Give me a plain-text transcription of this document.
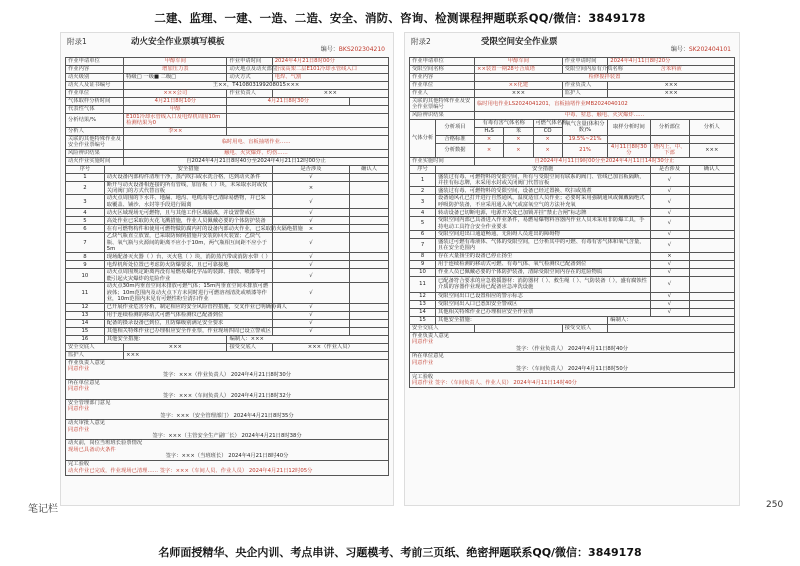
二建、监理、一建、一造、二造、安全、消防、咨询、检测课程押题联系QQ/微信：3849178
附录1	动火安全作业票填写模板
编号：BKS202304210
作业申请单位		甲醇车间	作业申请时间	2024年4月21日8时00分	
作业内容		增加压力表	动火地点及动火部位	合成高架二层E101冷却水管线入口	
动火级别		特级□ 一级■ 二级□	动火方式	电焊、气割	
动火人及证书编号		王××，T410803199208015×××			
作业单位		×××公司	作业负责人	×××	
气体取样分析时间		4月21日8时10分	4月21日8时30分		
代表性气体		甲醇			
分析结果/%		E101冷却水管线入口及电焊机周围10m检测结果为0			
分析人		李××			
关联的其他特殊作业及安全作业票编号		临时用电、盲板抽堵作业……			
风险辨识结果		触电、火灾爆炸、灼伤……			
动火作业实施时间		自2024年4月21日8时40分至2024年4月21日12时00分止			
序号	安全措施			是否涉及	确认人
1	动火设备内部构件清理干净，蒸汽吹扫或水洗合格，达到动火条件			√	
2	断开与动火设备相连接的所有管线，加盲板（ ）块，未采取水封或仅关闭阀门的方式代替盲板			×	
3	动火点周围的下水井、地漏、地沟、电缆沟等已清除易燃物，并已采取覆盖、铺沙、水封等手段进行隔离			√	
4	动火区域现场无可燃物，且与其他工作区域隔离，并设置警戒区			√	
5	高处作业已采取防火花飞溅措施，作业人员佩戴必要的个体防护装备			√	
6	在有可燃物构件和使用可燃物做防腐内衬的设备内部动火作业，已采取防火隔绝措施			×	
7	乙炔气瓶直立放置，已采取防倾倒措施并安装防回火装置；乙炔气瓶、氧气瓶与火源间的距离不应小于10m，两气瓶相互间距不应小于5m			√	
8	现场配备灭火器（ ）台，灭火毯（ ）块，消防蒸汽带或消防水带（ ）			√	
9	电焊机所处位置已考虑防火防爆要求，且已可靠接地			√	
10	动火点周围规定距离内没有易燃易爆化学品的装卸、排放、喷漆等可能引起火灾爆炸的危险作业			√	
11	动火点30m内垂直空间未排放可燃气体；15m内垂直空间未排放可燃液体；10m范围内及动火点下方未同时进行可燃溶剂清洗或喷漆等作业，10m范围内未见有可燃性粉尘清扫作业			√	
12	已开展作业危害分析，制定相应的安全风险管控措施，交叉作业已明确协调人			√	
13	用于连续检测的移动式可燃气体检测仪已配备到位			√	
14	配备的摄录设备已到位，且防爆级别满足安全要求			√	
15	其他相关特殊作业已办理相应安全作业票，作业现场四周已设立警戒区			√	
16	其他安全措施：		编制人：×××		
安全交底人		×××	接受交底人	×××（作业人员）	
监护人		×××			

作业负责人意见
同意作业
签字：×××（作业负责人） 2024年4月21日8时30分					

所在单位意见
同意作业
签字：×××（车间负责人） 2024年4月21日8时32分					

安全管理部门意见
同意作业
签字：×××（安全管理部门） 2024年4月21日8时35分					

动火审批人意见
同意作业
签字：×××（主管安全生产副厂长） 2024年4月21日8时38分					

动火前，岗位当班班长验票情况
现场已具备动火条件
签字：×××（当班班长） 2024年4月21日8时40分					

完工验收
动火作业已完成，作业现场已清理…… 签字：×××（车间人员、作业人员） 2024年4月21日12时05分					
附录2	受限空间安全作业票
编号：SK202404101
作业申请单位		甲醇车间			作业申请时间	2024年4月11日8时20分		
受限空间名称		××装置一期28号合成塔			受限空间内原有介质名称	含苯料液		
作业内容		检修搅拌装置						
作业单位		××化建			作业负责人	×××		
作业人		×××			监护人	×××		
关联的其他特殊作业及安全作业票编号		临时用电作业LS2024041201，盲板抽堵作业MB2024040102						
风险辨识结果		中毒、窒息、触电、火灾爆炸……						
气体分析	分析项目	有毒有害气体名称		可燃气体名称	氧气含量(体积分数)%	取样分析时间	分析部位	分析人
		H₂S	苯	CO				
	合格标准	×	×	×	19.5%~21%			
	分析数据	×	×	×	21%	4月11日8时30分	塔内上、中、下部	×××
作业实施时间		自2024年4月11日9时00分至2024年4月11日14时30分止						
序号	安全措施						是否涉及	确认人
1	盛装过有毒、可燃物料的受限空间，所有与受限空间有联系的阀门、管线已加盲板隔断，并挂有标志牌，未采用水封或关闭阀门代替盲板						√	
2	盛装过有毒、可燃物料的受限空间，设备已经过置换、吹扫或蒸煮						√	
3	设备通风孔已打开进行自然通风，温度适宜人员作业；必要时采用强制通风或佩戴隔绝式呼吸防护装备，不应采用通入氧气或富氧空气的方法补充氧						√	
4	转动设备已切断电源，电源开关处已加锁并挂“禁止合闸”标志牌						√	
5	受限空间内部已具备进入作业条件，易燃易爆物料容器内作业人员未采用非防爆工具，手持电动工具符合安全作业要求						√	
6	受限空间进出口通道畅通，无阻碍人员进出的障碍物						√	
7	盛装过可燃有毒液体、气体的受限空间，已分析其中的可燃、有毒有害气体和氧气含量，且在安全范围内						√	
8	存在大量扬尘的设备已停止扬尘						×	
9	用于连续检测的移动式可燃、有毒气体、氧气检测仪已配备到位						√	
10	作业人员已佩戴必要的个体防护装备，清除受限空间内存在的危险物质						√	
11	已配备符合要求的应急救援器材：消防器材（ ）、救生绳（ ）、气防装备（ ），盛有腐蚀性介质的容器作业现场已配备应急冲洗设施						√	
12	受限空间出口已设置相应的警示标志						√	
13	受限空间出入口已悉知安全警戒区						√	
14	其他相关特殊作业已办理相应安全作业票						√	
15	其他安全措施：					编制人：		
安全交底人					接受交底人			

作业负责人意见
同意作业
签字：（作业负责人） 2024年4月11日8时40分								

所在单位意见
同意作业
签字：（车间负责人） 2024年4月11日8时50分								

完工验收
同意作业 签字：（车间负责人、作业人员） 2024年4月11日14时40分								
笔记栏	250
名师面授精华、央企内训、考点串讲、习题模考、考前三页纸、绝密押题联系QQ/微信：3849178
